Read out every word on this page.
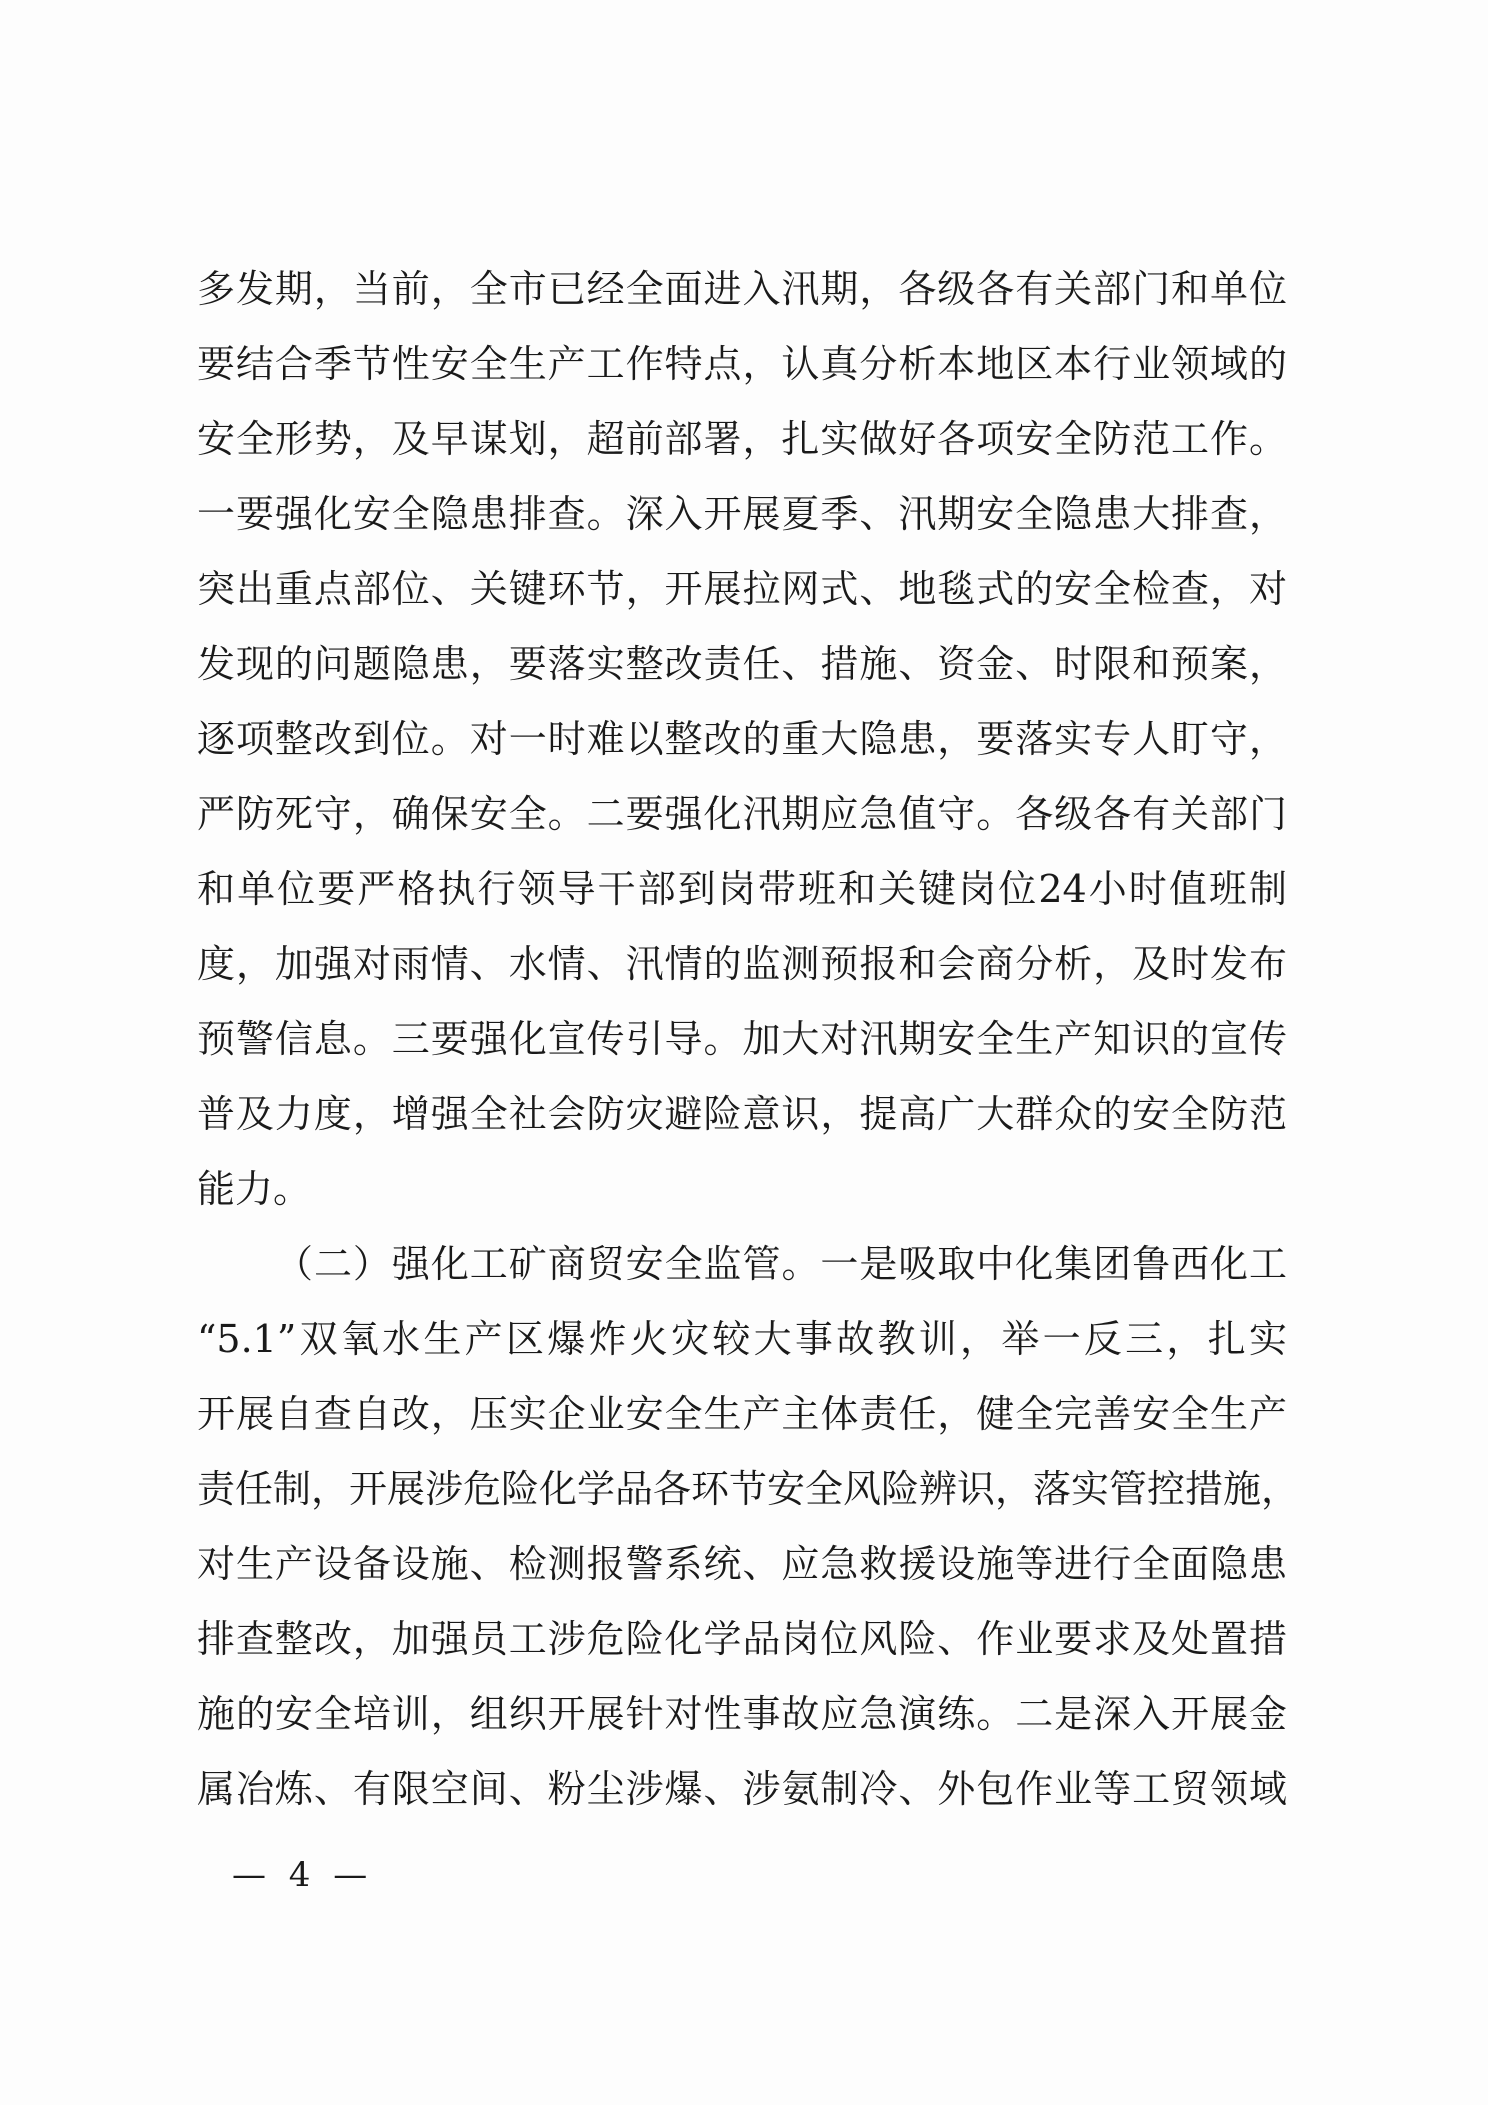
多发期，当前，全市已经全面进入汛期，各级各有关部门和单位
要结合季节性安全生产工作特点，认真分析本地区本行业领域的
安全形势，及早谋划，超前部署，扎实做好各项安全防范工作。
一要强化安全隐患排查。深入开展夏季、汛期安全隐患大排查，
突出重点部位、关键环节，开展拉网式、地毯式的安全检查，对
发现的问题隐患，要落实整改责任、措施、资金、时限和预案，
逐项整改到位。对一时难以整改的重大隐患，要落实专人盯守，
严防死守，确保安全。二要强化汛期应急值守。各级各有关部门
和单位要严格执行领导干部到岗带班和关键岗位24小时值班制
度，加强对雨情、水情、汛情的监测预报和会商分析，及时发布
预警信息。三要强化宣传引导。加大对汛期安全生产知识的宣传
普及力度，增强全社会防灾避险意识，提高广大群众的安全防范
能力。
（二）强化工矿商贸安全监管。一是吸取中化集团鲁西化工
“5.1”双氧水生产区爆炸火灾较大事故教训，举一反三，扎实
开展自查自改，压实企业安全生产主体责任，健全完善安全生产
责任制，开展涉危险化学品各环节安全风险辨识，落实管控措施，
对生产设备设施、检测报警系统、应急救援设施等进行全面隐患
排查整改，加强员工涉危险化学品岗位风险、作业要求及处置措
施的安全培训，组织开展针对性事故应急演练。二是深入开展金
属冶炼、有限空间、粉尘涉爆、涉氨制冷、外包作业等工贸领域
— 4 —
